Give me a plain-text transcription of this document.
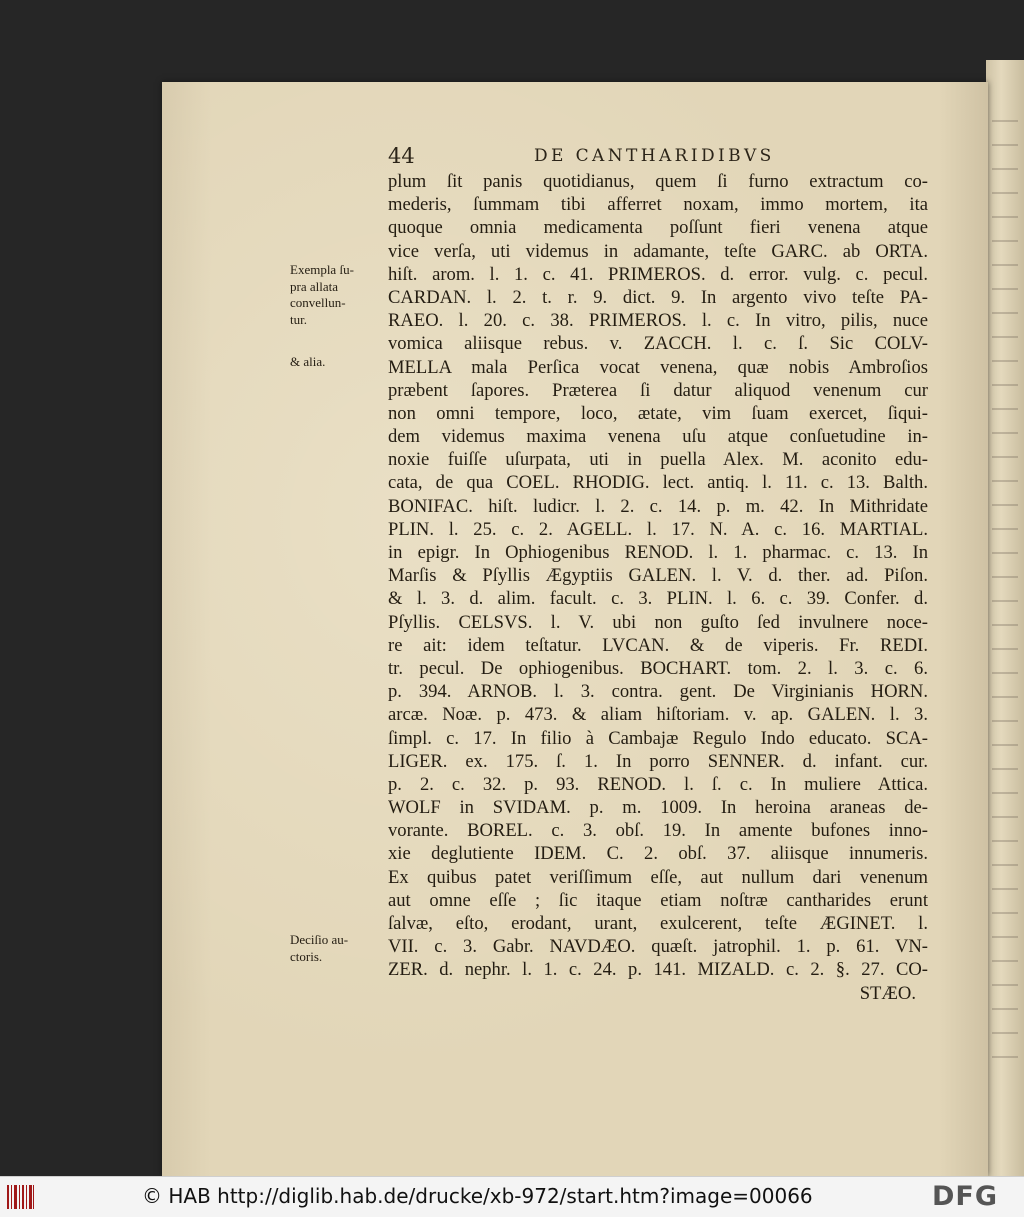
44	DE CANTHARIDIBVS
plum ſit panis quotidianus, quem ſi furno extractum co-
mederis, ſummam tibi afferret noxam, immo mortem, ita
quoque omnia medicamenta poſſunt fieri venena atque
vice verſa, uti videmus in adamante, teſte GARC. ab ORTA.
hiſt. arom. l. 1. c. 41. PRIMEROS. d. error. vulg. c. pecul.
CARDAN. l. 2. t. r. 9. dict. 9. In argento vivo teſte PA-
RAEO. l. 20. c. 38. PRIMEROS. l. c. In vitro, pilis, nuce
vomica aliisque rebus. v. ZACCH. l. c. ſ. Sic COLV-
MELLA mala Perſica vocat venena, quæ nobis Ambroſios
præbent ſapores. Præterea ſi datur aliquod venenum cur
non omni tempore, loco, ætate, vim ſuam exercet, ſiqui-
dem videmus maxima venena uſu atque conſuetudine in-
noxie fuiſſe uſurpata, uti in puella Alex. M. aconito edu-
cata, de qua COEL. RHODIG. lect. antiq. l. 11. c. 13. Balth.
BONIFAC. hiſt. ludicr. l. 2. c. 14. p. m. 42. In Mithridate
PLIN. l. 25. c. 2. AGELL. l. 17. N. A. c. 16. MARTIAL.
in epigr. In Ophiogenibus RENOD. l. 1. pharmac. c. 13. In
Marſis & Pſyllis Ægyptiis GALEN. l. V. d. ther. ad. Piſon.
& l. 3. d. alim. facult. c. 3. PLIN. l. 6. c. 39. Confer. d.
Pſyllis. CELSVS. l. V. ubi non guſto ſed invulnere noce-
re ait: idem teſtatur. LVCAN. & de viperis. Fr. REDI.
tr. pecul. De ophiogenibus. BOCHART. tom. 2. l. 3. c. 6.
p. 394. ARNOB. l. 3. contra. gent. De Virginianis HORN.
arcæ. Noæ. p. 473. & aliam hiſtoriam. v. ap. GALEN. l. 3.
ſimpl. c. 17. In filio à Cambajæ Regulo Indo educato. SCA-
LIGER. ex. 175. ſ. 1. In porro SENNER. d. infant. cur.
p. 2. c. 32. p. 93. RENOD. l. ſ. c. In muliere Attica.
WOLF in SVIDAM. p. m. 1009. In heroina araneas de-
vorante. BOREL. c. 3. obſ. 19. In amente bufones inno-
xie deglutiente IDEM. C. 2. obſ. 37. aliisque innumeris.
Ex quibus patet veriſſimum eſſe, aut nullum dari venenum
aut omne eſſe ; ſic itaque etiam noſtræ cantharides erunt
ſalvæ, eſto, erodant, urant, exulcerent, teſte ÆGINET. l.
VII. c. 3. Gabr. NAVDÆO. quæſt. jatrophil. 1. p. 61. VN-
ZER. d. nephr. l. 1. c. 24. p. 141. MIZALD. c. 2. §. 27. CO-
STÆO.
Exempla ſu-
pra allata
convellun-
tur.
& alia.
Deciſio au-
ctoris.
© HAB http://diglib.hab.de/drucke/xb-972/start.htm?image=00066	DFG
